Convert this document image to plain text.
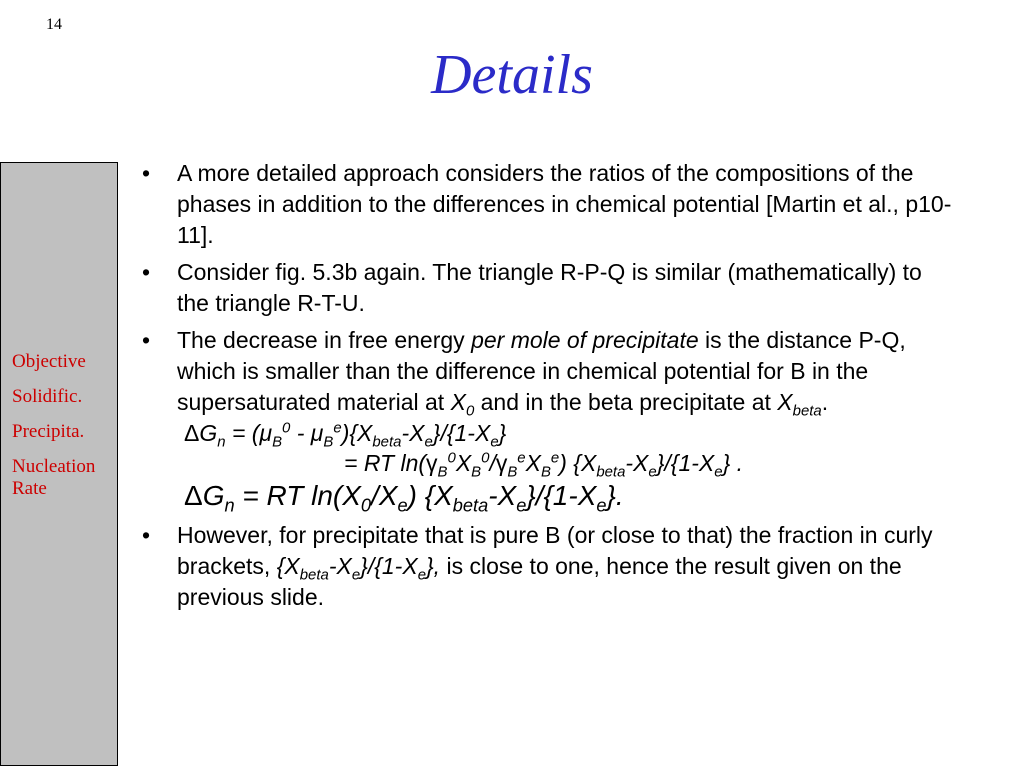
14
Details
Objective
Solidific.
Precipita.
Nucleation Rate
• A more detailed approach considers the ratios of the compositions of the phases in addition to the differences in chemical potential [Martin et al., p10-11].

• Consider fig. 5.3b again. The triangle R-P-Q is similar (mathematically) to the triangle R-T-U.

• The decrease in free energy per mole of precipitate is the distance P-Q, which is smaller than the difference in chemical potential for B in the supersaturated material at $X_0$ and in the beta precipitate at $X_{beta}$.

$\Delta G_n = (\mu_B^0 - \mu_B^e)\{X_{beta}-X_e\}/\{1-X_e\}$
= RT $\ln(\gamma_B^0X_B^0/\gamma_B^eX_B^e)$ $\{X_{beta}-X_e\}/\{1-X_e\}$ .
$\Delta G_n$ = RT $\ln(X_0/X_e)$ $\{X_{beta}-X_e\}/\{1-X_e\}$.
• However, for precipitate that is pure B (or close to that) the fraction in curly brackets, $\{X_{beta}-X_e\}/\{1-X_e\}$, is close to one, hence the result given on the previous slide.
